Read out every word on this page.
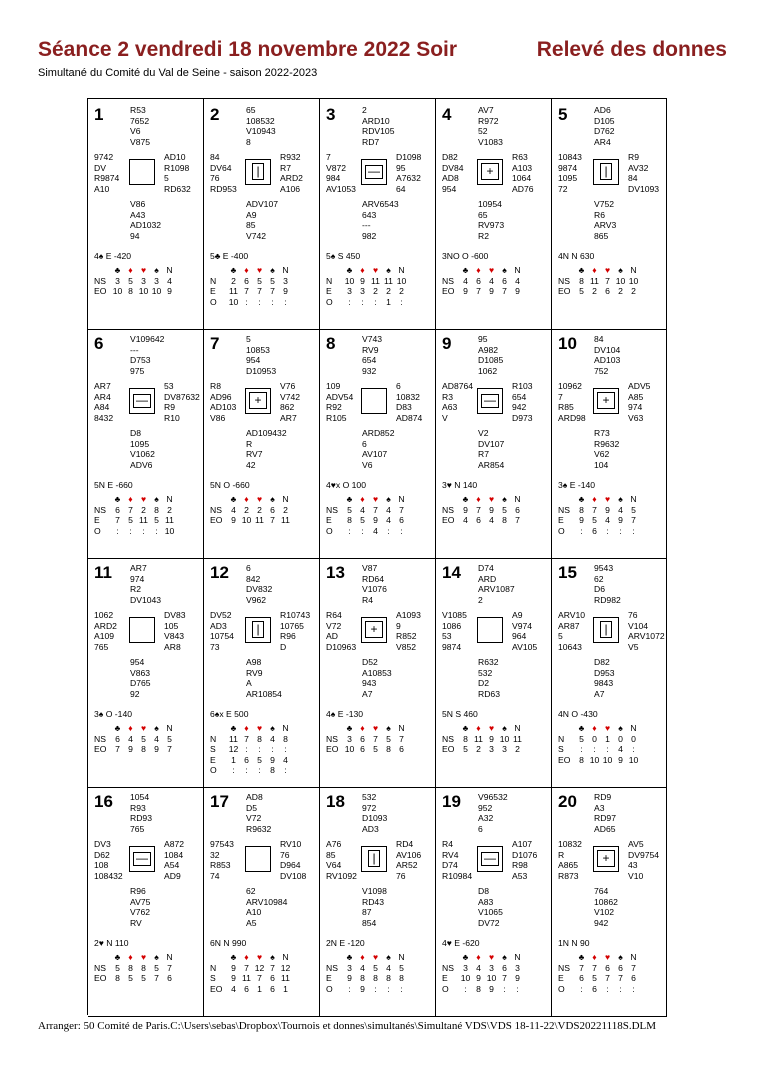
Séance 2 vendredi 18 novembre 2022 Soir	Relevé des donnes
Simultané du Comité du Val de Seine - saison 2022-2023
1	R53
7652
V6
V875
9742
DV
R9874
A10
AD10
R1098
5
RD632
V86
A43
AD1032
94
4♠ E -420
	♣	♦	♥	♠	N
NS	3	5	3	3	4
EO	10	8	10	10	9
2	65
108532
V10943
8
84
DV64
76
RD953
R932
R7
ARD2
A106
ADV107
A9
85
V742
|
5♣ E -400
	♣	♦	♥	♠	N
N	2	6	5	5	3
E	11	7	7	7	9
O	10	:	:	:	:
3	2
ARD10
RDV105
RD7
7
V872
984
AV1053
D1098
95
A7632
64
ARV6543
643
---
982
—
5♠ S 450
	♣	♦	♥	♠	N
N	10	9	11	11	10
E	3	3	2	2	2
O	:	:	:	1	:
4	AV7
R972
52
V1083
D82
DV84
AD8
954
R63
A103
1064
AD76
10954
65
RV973
R2
+
3NO O -600
	♣	♦	♥	♠	N
NS	4	6	4	6	4
EO	9	7	9	7	9
5	AD6
D105
D762
AR4
10843
9874
1095
72
R9
AV32
84
DV1093
V752
R6
ARV3
865
|
4N N 630
	♣	♦	♥	♠	N
NS	8	11	7	10	10
EO	5	2	6	2	2
6	V109642
---
D753
975
AR7
AR4
A84
8432
53
DV87632
R9
R10
D8
1095
V1062
ADV6
—
5N E -660
	♣	♦	♥	♠	N
NS	6	7	2	8	2
E	7	5	11	5	11
O	:	:	:	:	10
7	5
10853
954
D10953
R8
AD96
AD103
V86
V76
V742
862
AR7
AD109432
R
RV7
42
+
5N O -660
	♣	♦	♥	♠	N
NS	4	2	2	6	2
EO	9	10	11	7	11
8	V743
RV9
654
932
109
ADV54
R92
R105
6
10832
D83
AD874
ARD852
6
AV107
V6
4♥x O 100
	♣	♦	♥	♠	N
NS	5	4	7	4	7
E	8	5	9	4	6
O	:	:	4	:	:
9	95
A982
D1085
1062
AD8764
R3
A63
V
R103
654
942
D973
V2
DV107
R7
AR854
—
3♥ N 140
	♣	♦	♥	♠	N
NS	9	7	9	5	6
EO	4	6	4	8	7
10 84
DV104
AD103
752
10962
7
R85
ARD98
ADV5
A85
974
V63
R73
R9632
V62
104
+
3♠ E -140
	♣	♦	♥	♠	N
NS	8	7	9	4	5
E	9	5	4	9	7
O	:	6	:	:	:
11 AR7
974
R2
DV1043
1062
ARD2
A109
765
DV83
105
V843
AR8
954
V863
D765
92
3♠ O -140
	♣	♦	♥	♠	N
NS	6	4	5	4	5
EO	7	9	8	9	7
12 6
842
DV832
V962
DV52
AD3
10754
73
R10743
10765
R96
D
A98
RV9
A
AR10854
|
6♠x E 500
	♣	♦	♥	♠	N
N	11	7	8	4	8
S	12	:	:	:	:
E	1	6	5	9	4
O	:	:	:	8	:
13 V87
RD64
V1076
R4
R64
V72
AD
D10963
A1093
9
R852
V852
D52
A10853
943
A7
+
4♠ E -130
	♣	♦	♥	♠	N
NS	3	6	7	5	7
EO	10	6	5	8	6
14 D74
ARD
ARV1087
2
V1085
1086
53
9874
A9
V974
964
AV105
R632
532
D2
RD63
5N S 460
	♣	♦	♥	♠	N
NS	8	11	9	10	11
EO	5	2	3	3	2
15 9543
62
D6
RD982
ARV10
AR87
5
10643
76
V104
ARV1072
V5
D82
D953
9843
A7
|
4N O -430
	♣	♦	♥	♠	N
N	5	0	1	0	0
S	:	:	:	4	:
EO	8	10	10	9	10
16 1054
R93
RD93
765
DV3
D62
108
108432
A872
1084
A54
AD9
R96
AV75
V762
RV
—
2♥ N 110
	♣	♦	♥	♠	N
NS	5	8	8	5	7
EO	8	5	5	7	6
17 AD8
D5
V72
R9632
97543
32
R853
74
RV10
76
D964
DV108
62
ARV10984
A10
A5
6N N 990
	♣	♦	♥	♠	N
N	9	7	12	7	12
S	9	11	7	6	11
EO	4	6	1	6	1
18 532
972
D1093
AD3
A76
85
V64
RV1092
RD4
AV106
AR52
76
V1098
RD43
87
854
|
2N E -120
	♣	♦	♥	♠	N
NS	3	4	5	4	5
E	9	8	8	8	8
O	:	9	:	:	:
19 V96532
952
A32
6
R4
RV4
D74
R10984
A107
D1076
R98
A53
D8
A83
V1065
DV72
—
4♥ E -620
	♣	♦	♥	♠	N
NS	3	4	3	6	3
E	10	9	10	7	9
O	:	8	9	:	:
20 RD9
A3
RD97
AD65
10832
R
A865
R873
AV5
DV9754
43
V10
764
10862
V102
942
+
1N N 90
	♣	♦	♥	♠	N
NS	7	7	6	6	7
E	6	5	7	7	6
O	:	6	:	:	:
Arranger: 50 Comité de Paris.C:\Users\sebas\Dropbox\Tournois et donnes\simultanés\Simultané VDS\VDS 18-11-22\VDS20221118S.DLM
